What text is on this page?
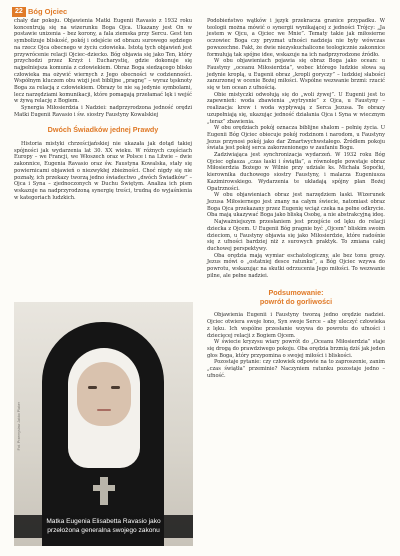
22 Bóg Ojciec

chały dar pokoju. Objawienia Matki Eugenii Ravasio z 1932 roku koncentrują się na wizerunku Boga Ojca. Ukazany jest On w postawie unizenia – bez korony, a fala ziemska przy Sercu. Gest ten symbolizuje bliskość, pokój i odejście od obrazu surowego sędziego na rzecz Ojca obecnego w życiu człowieka. Istotą tych objawień jest przywrócenie relacji Ojciec–dziecko. Bóg objawia się jako Ten, który przychodzi przez Krzyż i Eucharystię, gdzie dokonuje się najpełniejsza komunia z człowiekiem. Obraz Boga siedzącego blisko człowieka ma ożywić wiernych z Jego obecności w codzienności. Współnym kluczem obu wizji jest biblijne „pragnę” – wyraz tęsknoty Boga za relacją z człowiekiem. Obrazy te nie są jedynie symbolami, lecz narzędziami komunikacji, które pomagają przełamać lęk i wejść w żywą relację z Bogiem.

Synergia Miłosierdzia i Nadziei: nadprzyrodzona jedność orędzi Matki Eugenii Ravasio i św. siostry Faustyny Kowalskiej

Dwóch Świadków jednej Prawdy

Historia mistyki chrześcijańskiej nie ukazała jak dotąd takiej spójności jak wydarzenia lat 30. XX wieku. W różnych częściach Europy – we Francji, we Włoszech oraz w Polsce i na Litwie – dwie zakonnice, Eugenia Ravasio oraz św. Faustyna Kowalska, stały się powiernicami objawień o niezwykłej zbieżności. Choć nigdy się nie poznały, ich przekazy tworzą jedno świadectwo „dwóch Świadków” – Ojca i Syna – zjednoczonych w Duchu Świętym. Analiza ich pism wskazuje na nadprzyrodzoną synergię treści, trudną do wyjaśnienia w kategoriach ludzkich.

Fot. Przemysław Jakbo Plaker
Matka Eugenia Elisabetta Ravasio jako
przełożona generalna swojego zakonu

Podobieństwo wątków i język przekracza granice przypadku. W teologii można mówić o synergii wynikającej z jedności Trójcy: „Ja jestem w Ojcu, a Ojciec we Mnie”. Tematy takie jak miłosierne oczowiec Boga czy pryzmat ufności nadzieja nie były wówczas powszechne. Fakt, że dwie niezyskuchalicone teologicznie zakonnice formułują tak spójne idee, wskazuje na ich nadprzyrodzone źródło.

W obu objawieniach pojawia się obraz Boga jako ocean: u Faustyny „oceanu Miłosierdzia”, wobec którego ludzkie słowa są jedynie kroplą, u Eugenii obraz „kropli goryczy” – ludzkiej słabości zanurzonej w ocenie Bożej miłości. Wspólne wezwanie brzmi: rzucić się w ten ocean z ufnością.

Obie mistyczki odwołują się do „woli żywej”. U Eugenii jest to zapewnień: woda zbawienia „wytrysnie” z Ojca, u Faustyny – realizacja: krew i woda wypływają z Serca Jezusa. Te obrazy uzupełniają się, ukazując jedność działania Ojca i Syna w wiecznym „teraz” zbawienia.

W obu orędziach pokój oznacza biblijne shalom – pełnię życia. U Eugenii Bóg Ojciec obiecuje pokój rodzinom i narodom, u Faustyny Jezus przynosi pokój jako dar Zmartwychwstałego. Źródłem pokoju świata jest pokój serca zakorzenionego w zaufaniu Bogu.

Zadziwiająca jest synchronizacja wydarzeń. W 1932 roku Bóg Ojciec ogłasza „czas łaski i świątła”, a równolegle powstaje obraz Miłosierdzia Bożego w Wilnie przy udziale ks. Michała Sopoćki, kierownika duchowego siostry Faustyny, i malarza Eugeniusza Kazimirowskiego. Wydarzenia te układają spójny plan Bożej Opatrzności.

W obu objawieniach obraz jest narzędziem łaski. Wizerunek Jezusa Miłosiernego jest znany na całym świecie, natomiast obraz Boga Ojca przekazany przez Eugenię wciąż czeka na pełne odkrycie. Oba mają ukazywać Boga jako bliską Osobę, a nie abstrakcyjną ideę.

Najważniejszym przesłaniem jest przejście od lęku do relacji dziecka z Ojcem. U Eugenii Bóg pragnie być „Ojcem” bliskim swoim dzieciom, u Faustyny objawia się jako Miłosierdzie, które radośnie się z ufności bardziej niż z surowych praktyk. To zmiana całej duchowej perspektywy.

Oba orędzia mają wymiar eschatologiczny, ale bez tonu grozy. Jezus mówi o „ostatniej desce ratunku”, a Bóg Ojciec wzywa do powrotu, wskazując na skutki odrzucenia Jego miłości. To wezwanie pilne, ale pełne nadziei.

Podsumowanie:
powrót do gorliwości

Objawienia Eugenii i Faustyny tworzą jedno orędzie nadziei. Ojciec otwiera swoje łono, Syn swoje Serce – aby uleczyć człowieka z lęku. Ich wspólne przesłanie wzywa do powrotu do ufności i dziecięcej relacji z Bogiem Ojcem.

W świecie kryzysu wiary powrót do „Oceanu Miłosierdzia” staje się drogą do prawdziwego pokoju. Oba orędzia brzmią dziś jak jeden głos Boga, który przypomina o swojej miłości i bliskości.

Pozostaje pytanie: czy człowiek odpowie na to zaproszenie, zanim „czas świątła” przeminie? Naczyniem ratunku pozostaje jedno – ufność.
